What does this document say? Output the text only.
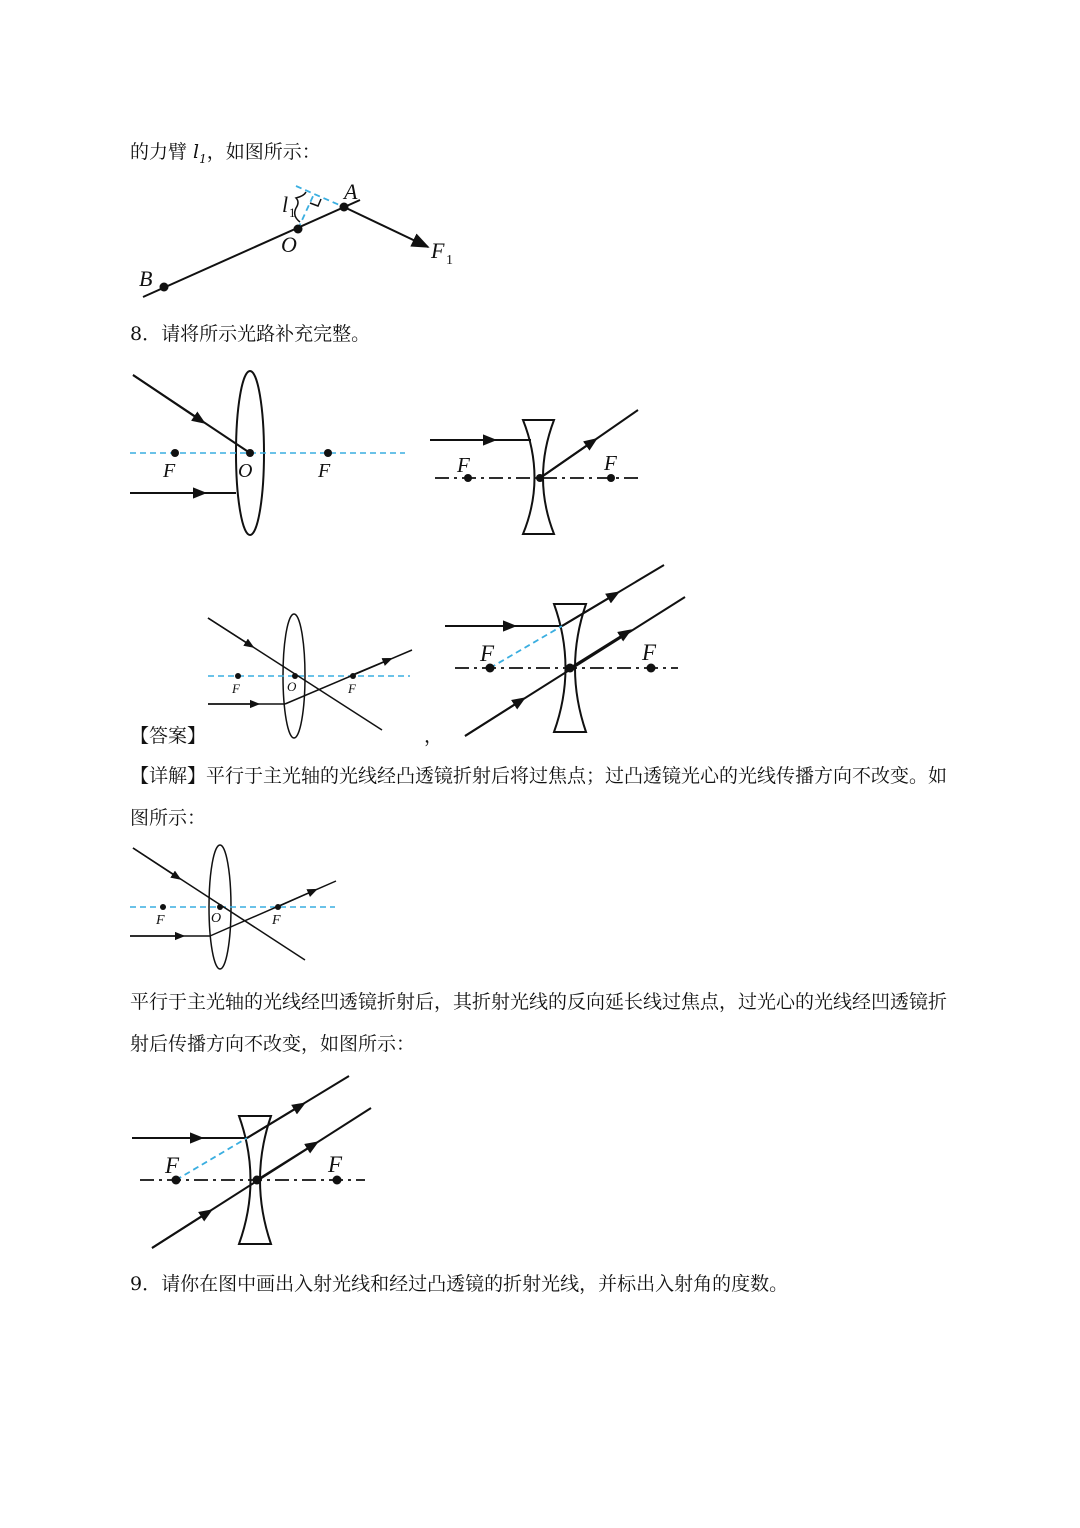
的力臂 $l_1$，如图所示：
A
O
B
F 1
l 1
8．请将所示光路补充完整。
F	O	F	F	F
F	O	F
F	F
【答案】	，
【详解】平行于主光轴的光线经凸透镜折射后将过焦点；过凸透镜光心的光线传播方向不改变。如
图所示：
F	O	F
平行于主光轴的光线经凹透镜折射后，其折射光线的反向延长线过焦点，过光心的光线经凹透镜折
射后传播方向不改变，如图所示：
F	F
9．请你在图中画出入射光线和经过凸透镜的折射光线，并标出入射角的度数。
